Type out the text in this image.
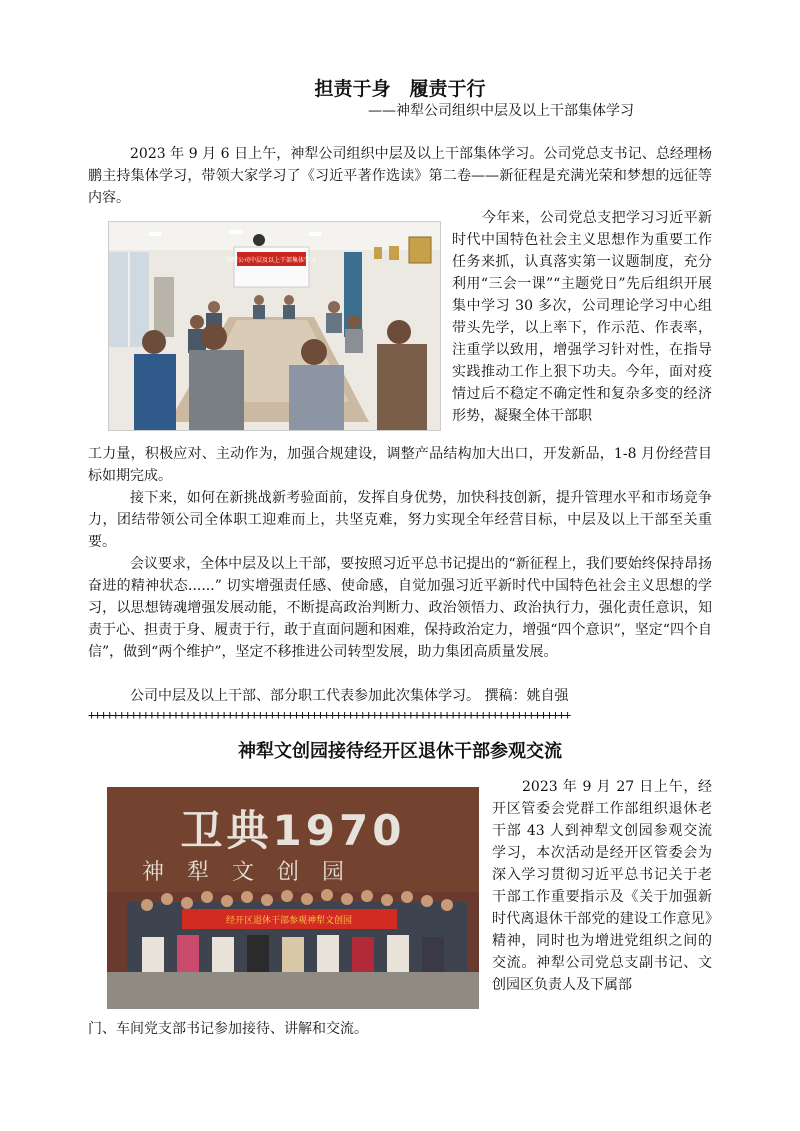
担责于身　履责于行
——神犁公司组织中层及以上干部集体学习

2023 年 9 月 6 日上午，神犁公司组织中层及以上干部集体学习。公司党总支书记、总经理杨鹏主持集体学习，带领大家学习了《习近平著作选读》第二卷——新征程是充满光荣和梦想的远征等内容。

神犁公司中层及以上干部集体学习

今年来，公司党总支把学习习近平新时代中国特色社会主义思想作为重要工作任务来抓，认真落实第一议题制度，充分利用“三会一课”“主题党日”先后组织开展集中学习 30 多次，公司理论学习中心组带头先学，以上率下，作示范、作表率，注重学以致用，增强学习针对性，在指导实践推动工作上狠下功夫。今年，面对疫情过后不稳定不确定性和复杂多变的经济形势，凝聚全体干部职

工力量，积极应对、主动作为，加强合规建设，调整产品结构加大出口，开发新品，1-8 月份经营目标如期完成。

接下来，如何在新挑战新考验面前，发挥自身优势，加快科技创新，提升管理水平和市场竞争力，团结带领公司全体职工迎难而上，共坚克难，努力实现全年经营目标，中层及以上干部至关重要。

会议要求，全体中层及以上干部，要按照习近平总书记提出的“新征程上，我们要始终保持昂扬奋进的精神状态......” 切实增强责任感、使命感，自觉加强习近平新时代中国特色社会主义思想的学习，以思想铸魂增强发展动能，不断提高政治判断力、政治领悟力、政治执行力，强化责任意识，知责于心、担责于身、履责于行，敢于直面问题和困难，保持政治定力，增强“四个意识”，坚定“四个自信”，做到“两个维护”，坚定不移推进公司转型发展，助力集团高质量发展。

公司中层及以上干部、部分职工代表参加此次集体学习。 撰稿：姚自强

++++++++++++++++++++++++++++++++++++++++++++++++++++++++++++++++++++++++++++++++
神犁文创园接待经开区退休干部参观交流
卫典1970
神 犁 文 创 园
经开区退休干部参观神犁文创园

2023 年 9 月 27 日上午，经开区管委会党群工作部组织退休老干部 43 人到神犁文创园参观交流学习，本次活动是经开区管委会为深入学习贯彻习近平总书记关于老干部工作重要指示及《关于加强新时代离退休干部党的建设工作意见》精神，同时也为增进党组织之间的交流。神犁公司党总支副书记、文创园区负责人及下属部

门、车间党支部书记参加接待、讲解和交流。
